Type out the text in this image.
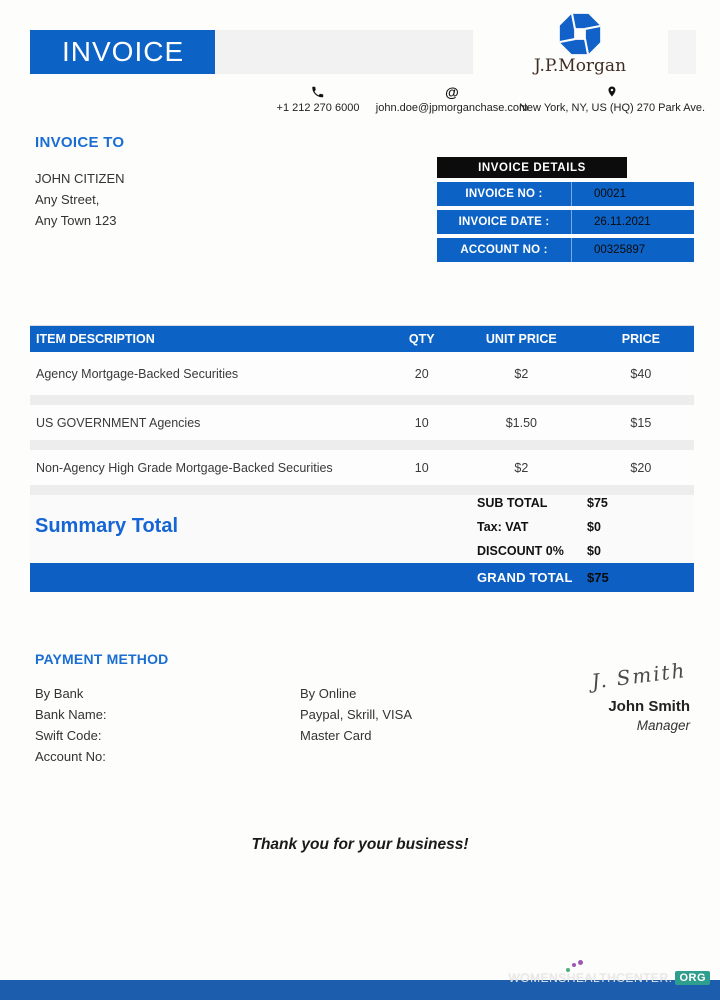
INVOICE	J.P.Morgan
+1 212 270 6000
@
john.doe@jpmorganchase.com
New York, NY, US (HQ) 270 Park Ave.
INVOICE TO
JOHN CITIZEN
Any Street,
Any Town 123
INVOICE DETAILS
INVOICE NO :	00021
INVOICE DATE :	26.11.2021
ACCOUNT NO :	00325897
ITEM DESCRIPTION	QTY	UNIT PRICE	PRICE
Agency Mortgage-Backed Securities	20	$2	$40
US GOVERNMENT Agencies	10	$1.50	$15
Non-Agency High Grade Mortgage-Backed Securities	10	$2	$20
Summary Total
SUB TOTAL	$75
Tax: VAT	$0
DISCOUNT 0%	$0
GRAND TOTAL	$75
PAYMENT METHOD
By Bank
Bank Name:
Swift Code:
Account No:
By Online
Paypal, Skrill, VISA
Master Card
J. Smith
John Smith
Manager
Thank you for your business!
WOMENSHEALTHCENTER. ORG
